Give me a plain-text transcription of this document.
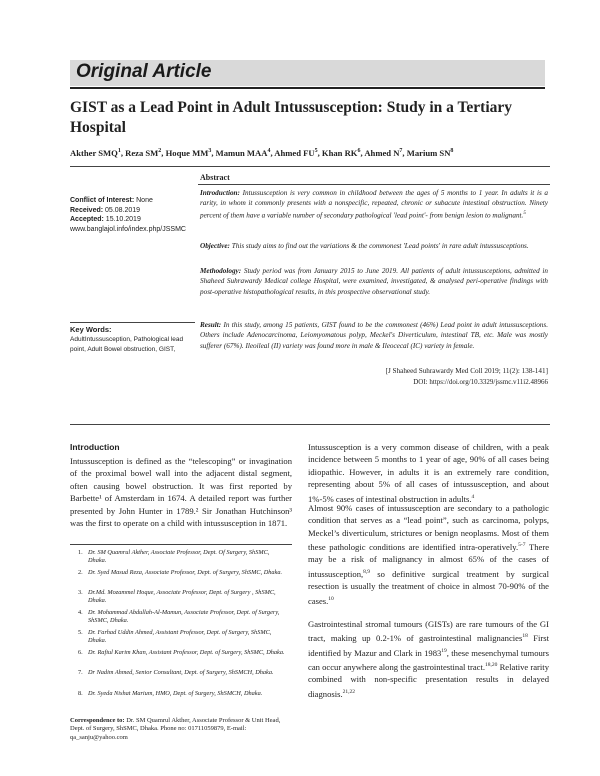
Original Article
GIST as a Lead Point in Adult Intussusception: Study in a Tertiary Hospital
Akther SMQ$^1$, Reza $SM^2$, Hoque $MM^3$, Mamun MAA$^4$, Ahmed $FU^5$, Khan $RK^6$, Ahmed $N^7$, Marium $SN^8$
Conflict of Interest: None
Received: 05.08.2019
Accepted: 15.10.2019
www.banglajol.info/index.php/JSSMC
Key Words:
AdultIntussusception, Pathological lead point, Adult Bowel obstruction, GIST,
Abstract
Introduction: Intussusception is very common in childhood between the ages of 5 months to 1 year. In adults it is a rarity, in whom it commonly presents with a nonspecific, repeated, chronic or subacute intestinal obstruction. Ninety percent of them have a variable number of secondary pathological 'lead point'- from benign lesion to malignant.$^5$
Objective: This study aims to find out the variations & the commonest 'Lead points' in rare adult intussusceptions.
Methodology: Study period was from January 2015 to June 2019. All patients of adult intussusceptions, admitted in Shaheed Suhrawardy Medical college Hospital, were examined, investigated, & analysed peri-operative findings with post-operative histopathological results, in this prospective observational study.
Result: In this study, among 15 patients, GIST found to be the commonest (46%) Lead point in adult intussusceptions. Others include Adenocarcinoma, Leiomyomatous polyp, Meckel's Diverticulum, intestinal TB, etc. Male was mostly sufferer (67%). Ileoileal (II) variety was found more in male & Ileocecal (IC) variety in female.
[J Shaheed Suhrawardy Med Coll 2019; 11(2): 138-141]
DOI: https://doi.org/10.3329/jssmc.v11i2.48966
Introduction
Intussusception is defined as the “telescoping” or invagination of the proximal bowel wall into the adjacent distal segment, often causing bowel obstruction. It was first reported by Barbette¹ of Amsterdam in 1674. A detailed report was further presented by John Hunter in 1789.² Sir Jonathan Hutchinson³ was the first to operate on a child with intussusception in 1871.
1. Dr. SM Quamrul Akther, Associate Professor, Dept. Of Surgery, ShSMC, Dhaka.
2. Dr. Syed Masud Reza, Associate Professor, Dept. of Surgery, ShSMC, Dhaka.
3. Dr.Md. Mozammel Hoque, Associate Professor, Dept. of Surgery , ShSMC, Dhaka.
4. Dr. Mohammad Abdullah-Al-Mamun, Associate Professor, Dept. of Surgery, ShSMC, Dhaka.
5. Dr. Farhad Uddin Ahmed, Assistant Professor, Dept. of Surgery, ShSMC, Dhaka.
6. Dr. Rafiul Karim Khan, Assistant Professor, Dept. of Surgery, ShSMC, Dhaka.
7. Dr Nadim Ahmed, Senior Consultant, Dept. of Surgery, ShSMCH, Dhaka.
8. Dr. Syeda Nishat Marium, HMO, Dept. of Surgery, ShSMCH, Dhaka.
Correspondence to: Dr. SM Quamrul Akther, Associate Professor & Unit Head, Dept. of Surgery, ShSMC, Dhaka. Phone no: 01711059879, E-mail: qa_sanju@yahoo.com
Intussusception is a very common disease of children, with a peak incidence between 5 months to 1 year of age, 90% of all cases being idiopathic. However, in adults it is an extremely rare condition, representing about 5% of all cases of intussusception, and about 1%-5% cases of intestinal obstruction in adults.$^4$
Almost 90% cases of intussusception are secondary to a pathologic condition that serves as a “lead point”, such as carcinoma, polyps, Meckel’s diverticulum, strictures or benign neoplasms. Most of them these pathologic conditions are identified intra-operatively.$^{5-7}$ There may be a risk of malignancy in almost 65% of the cases of intussusception,$^{8,9}$ so definitive surgical treatment by surgical resection is usually the treatment of choice in almost 70-90% of the cases.$^{10}$
Gastrointestinal stromal tumours (GISTs) are rare tumours of the GI tract, making up 0.2-1% of gastrointestinal malignancies$^{18}$ First identified by Mazur and Clark in 1983$^{19}$, these mesenchymal tumours can occur anywhere along the gastrointestinal tract.$^{18,20}$ Relative rarity combined with non-specific presentation results in delayed diagnosis.$^{21,22}$
